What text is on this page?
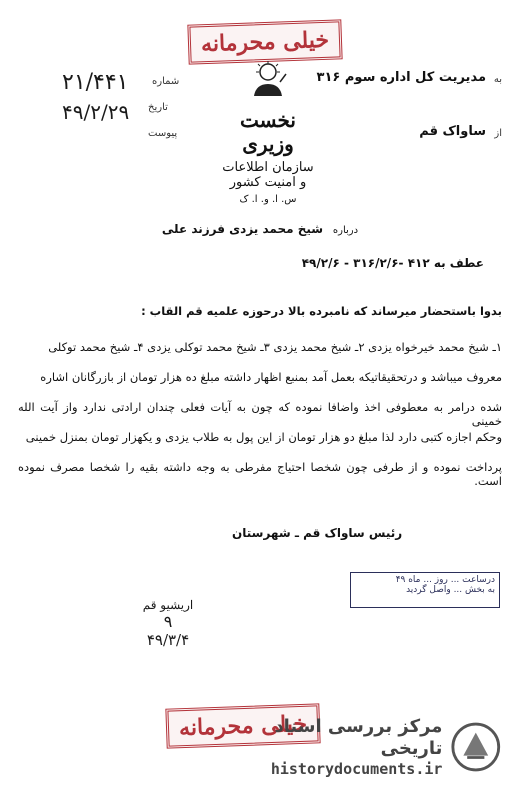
خیلی محرمانه
۲۱/۴۴۱ شماره
۴۹/۲/۲۹ تاریخ
پیوست
مدیریت کل اداره سوم ۳۱۶ به
ساواک قم از
نخست وزیری
سازمان اطلاعات و امنیت کشور
س. ا. و. ا. ک
درباره شیخ محمد یزدی فرزند علی
عطف به ۴۱۲ -۳۱۶/۲/۶ - ۴۹/۲/۶
بدوا باستحضار میرساند که نامبرده بالا درحوزه علمیه قم القاب :
۱ـ شیخ محمد خیرخواه یزدی ۲ـ شیخ محمد یزدی ۳ـ شیخ محمد توکلی یزدی ۴ـ شیخ محمد توکلی
معروف میباشد و درتحقیقاتیکه بعمل آمد بمنبع اظهار داشته مبلغ ده هزار تومان از بازرگانان اشاره
شده درامر به معطوفی اخذ واضافا نموده که چون به آیات فعلی چندان ارادتی ندارد واز آیت الله خمینی
وحکم اجازه کتبی دارد لذا مبلغ دو هزار تومان از این پول به طلاب یزدی و یکهزار تومان بمنزل خمینی
پرداخت نموده و از طرفی چون شخصا احتیاج مفرطی به وجه داشته بقیه را شخصا مصرف نموده است.
رئیس ساواک قم ـ شهرستان
درساعت ... روز ... ماه ۴۹
به بخش ... واصل گردید
اریشیو قم
۹
۴۹/۳/۴
خیلی محرمانه
مرکز بررسی اسناد تاریخی
historydocuments.ir
